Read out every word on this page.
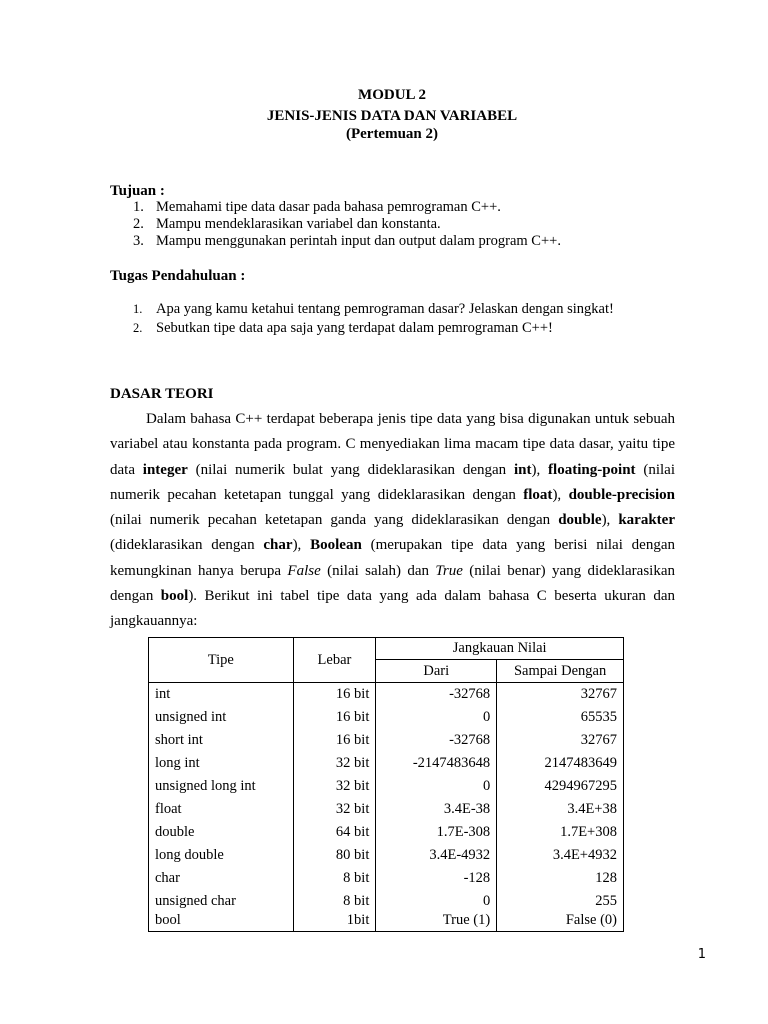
MODUL 2
JENIS-JENIS DATA DAN VARIABEL
(Pertemuan 2)
Tujuan :
1. Memahami tipe data dasar pada bahasa pemrograman C++.
2. Mampu mendeklarasikan variabel dan konstanta.
3. Mampu menggunakan perintah input dan output dalam program C++.
Tugas Pendahuluan :
1. Apa yang kamu ketahui tentang pemrograman dasar? Jelaskan dengan singkat!
2. Sebutkan tipe data apa saja yang terdapat dalam pemrograman C++!
DASAR TEORI

Dalam bahasa C++ terdapat beberapa jenis tipe data yang bisa digunakan untuk sebuah variabel atau konstanta pada program. C menyediakan lima macam tipe data dasar, yaitu tipe data integer (nilai numerik bulat yang dideklarasikan dengan int), floating-point (nilai numerik pecahan ketetapan tunggal yang dideklarasikan dengan float), double-precision (nilai numerik pecahan ketetapan ganda yang dideklarasikan dengan double), karakter (dideklarasikan dengan char), Boolean (merupakan tipe data yang berisi nilai dengan kemungkinan hanya berupa False (nilai salah) dan True (nilai benar) yang dideklarasikan dengan bool). Berikut ini tabel tipe data yang ada dalam bahasa C beserta ukuran dan jangkauannya:

Tipe	Lebar	Jangkauan Nilai	
		Dari	Sampai Dengan
int	16 bit	-32768	32767
unsigned int	16 bit	0	65535
short int	16 bit	-32768	32767
long int	32 bit	-2147483648	2147483649
unsigned long int	32 bit	0	4294967295
float	32 bit	3.4E-38	3.4E+38
double	64 bit	1.7E-308	1.7E+308
long double	80 bit	3.4E-4932	3.4E+4932
char	8 bit	-128	128
unsigned char	8 bit	0	255
bool	1bit	True (1)	False (0)
1
